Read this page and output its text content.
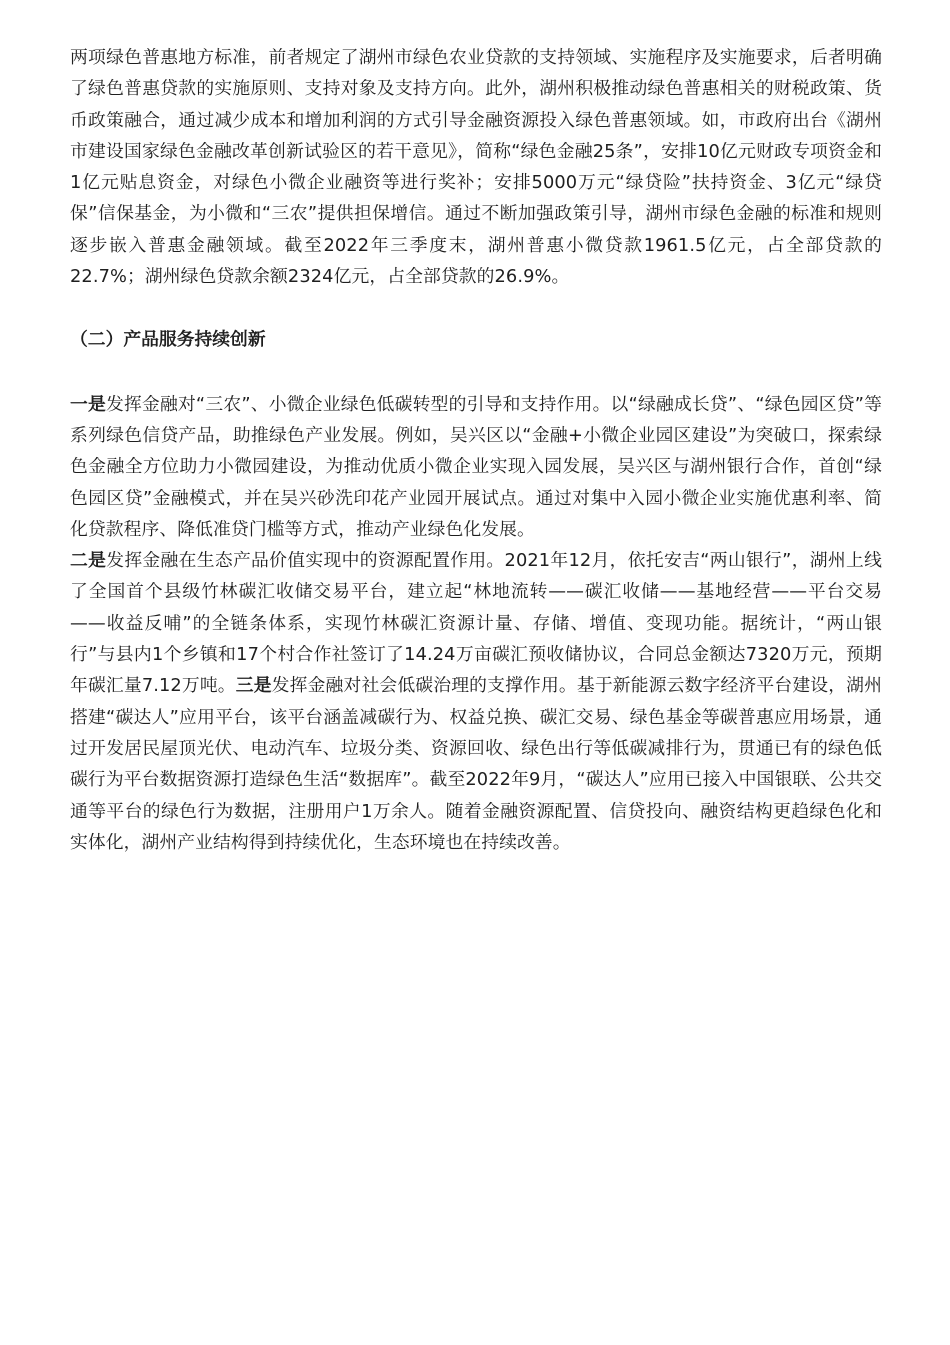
两项绿色普惠地方标准，前者规定了湖州市绿色农业贷款的支持领域、实施程序及实施要求，后者明确了绿色普惠贷款的实施原则、支持对象及支持方向。此外，湖州积极推动绿色普惠相关的财税政策、货币政策融合，通过减少成本和增加利润的方式引导金融资源投入绿色普惠领域。如，市政府出台《湖州市建设国家绿色金融改革创新试验区的若干意见》，简称“绿色金融25条”，安排10亿元财政专项资金和1亿元贴息资金，对绿色小微企业融资等进行奖补；安排5000万元“绿贷险”扶持资金、3亿元“绿贷保”信保基金，为小微和“三农”提供担保增信。通过不断加强政策引导，湖州市绿色金融的标准和规则逐步嵌入普惠金融领域。截至2022年三季度末，湖州普惠小微贷款1961.5亿元，占全部贷款的22.7%；湖州绿色贷款余额2324亿元，占全部贷款的26.9%。

（二）产品服务持续创新

一是发挥金融对“三农”、小微企业绿色低碳转型的引导和支持作用。以“绿融成长贷”、“绿色园区贷”等系列绿色信贷产品，助推绿色产业发展。例如，吴兴区以“金融+小微企业园区建设”为突破口，探索绿色金融全方位助力小微园建设，为推动优质小微企业实现入园发展，吴兴区与湖州银行合作，首创“绿色园区贷”金融模式，并在吴兴砂洗印花产业园开展试点。通过对集中入园小微企业实施优惠利率、简化贷款程序、降低准贷门槛等方式，推动产业绿色化发展。
二是发挥金融在生态产品价值实现中的资源配置作用。2021年12月，依托安吉“两山银行”，湖州上线了全国首个县级竹林碳汇收储交易平台，建立起“林地流转——碳汇收储——基地经营——平台交易——收益反哺”的全链条体系，实现竹林碳汇资源计量、存储、增值、变现功能。据统计，“两山银行”与县内1个乡镇和17个村合作社签订了14.24万亩碳汇预收储协议，合同总金额达7320万元，预期年碳汇量7.12万吨。三是发挥金融对社会低碳治理的支撑作用。基于新能源云数字经济平台建设，湖州搭建“碳达人”应用平台，该平台涵盖减碳行为、权益兑换、碳汇交易、绿色基金等碳普惠应用场景，通过开发居民屋顶光伏、电动汽车、垃圾分类、资源回收、绿色出行等低碳减排行为，贯通已有的绿色低碳行为平台数据资源打造绿色生活“数据库”。截至2022年9月，“碳达人”应用已接入中国银联、公共交通等平台的绿色行为数据，注册用户1万余人。随着金融资源配置、信贷投向、融资结构更趋绿色化和实体化，湖州产业结构得到持续优化，生态环境也在持续改善。
